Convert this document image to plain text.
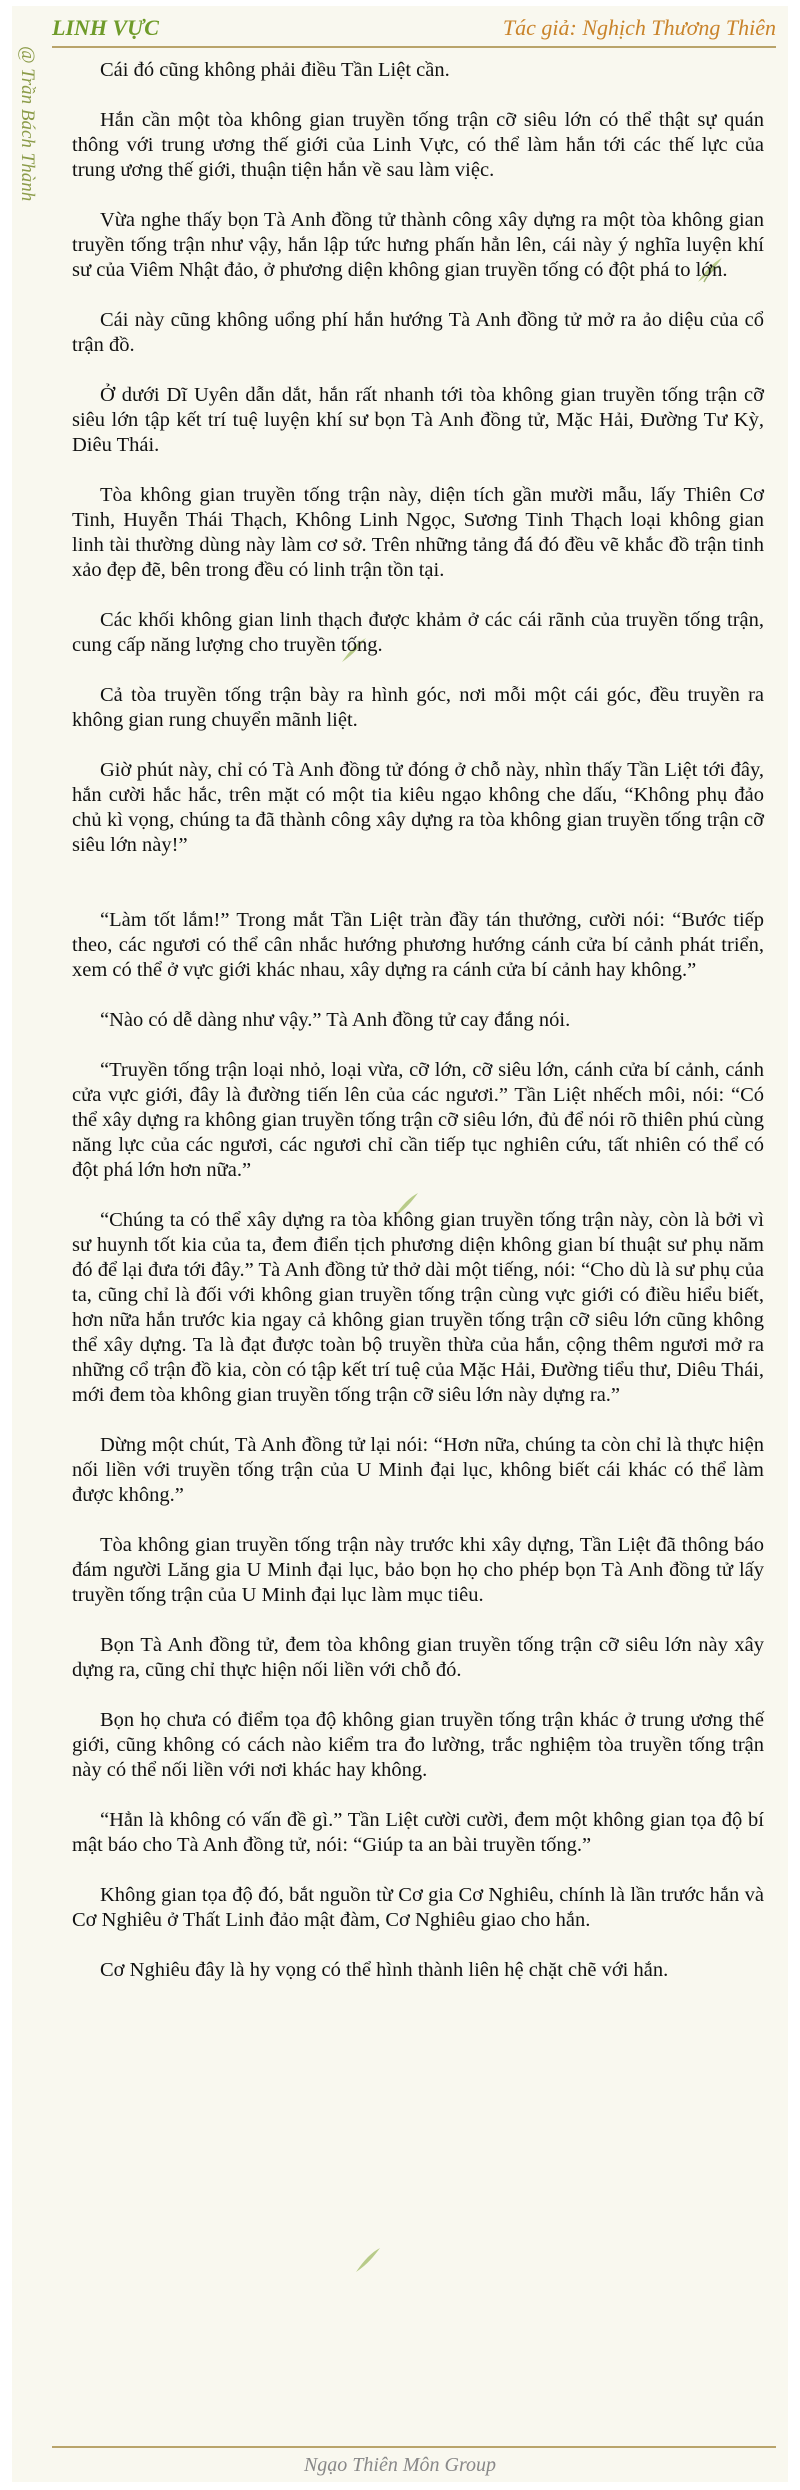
LINH VỰC	Tác giả: Nghịch Thương Thiên
@ Trần Bách Thành	Cái đó cũng không phải điều Tần Liệt cần.

Hắn cần một tòa không gian truyền tống trận cỡ siêu lớn có thể thật sự quán thông với trung ương thế giới của Linh Vực, có thể làm hắn tới các thế lực của trung ương thế giới, thuận tiện hắn về sau làm việc.

Vừa nghe thấy bọn Tà Anh đồng tử thành công xây dựng ra một tòa không gian truyền tống trận như vậy, hắn lập tức hưng phấn hẳn lên, cái này ý nghĩa luyện khí sư của Viêm Nhật đảo, ở phương diện không gian truyền tống có đột phá to lớn.

Cái này cũng không uổng phí hắn hướng Tà Anh đồng tử mở ra ảo diệu của cổ trận đồ.

Ở dưới Dĩ Uyên dẫn dắt, hắn rất nhanh tới tòa không gian truyền tống trận cỡ siêu lớn tập kết trí tuệ luyện khí sư bọn Tà Anh đồng tử, Mặc Hải, Đường Tư Kỳ, Diêu Thái.

Tòa không gian truyền tống trận này, diện tích gần mười mẫu, lấy Thiên Cơ Tinh, Huyễn Thái Thạch, Không Linh Ngọc, Sương Tinh Thạch loại không gian linh tài thường dùng này làm cơ sở. Trên những tảng đá đó đều vẽ khắc đồ trận tinh xảo đẹp đẽ, bên trong đều có linh trận tồn tại.

Các khối không gian linh thạch được khảm ở các cái rãnh của truyền tống trận, cung cấp năng lượng cho truyền tống.

Cả tòa truyền tống trận bày ra hình góc, nơi mỗi một cái góc, đều truyền ra không gian rung chuyển mãnh liệt.

Giờ phút này, chỉ có Tà Anh đồng tử đóng ở chỗ này, nhìn thấy Tần Liệt tới đây, hắn cười hắc hắc, trên mặt có một tia kiêu ngạo không che dấu, “Không phụ đảo chủ kì vọng, chúng ta đã thành công xây dựng ra tòa không gian truyền tống trận cỡ siêu lớn này!”

“Làm tốt lắm!” Trong mắt Tần Liệt tràn đầy tán thưởng, cười nói: “Bước tiếp theo, các ngươi có thể cân nhắc hướng phương hướng cánh cửa bí cảnh phát triển, xem có thể ở vực giới khác nhau, xây dựng ra cánh cửa bí cảnh hay không.”

“Nào có dễ dàng như vậy.” Tà Anh đồng tử cay đắng nói.

“Truyền tống trận loại nhỏ, loại vừa, cỡ lớn, cỡ siêu lớn, cánh cửa bí cảnh, cánh cửa vực giới, đây là đường tiến lên của các ngươi.” Tần Liệt nhếch môi, nói: “Có thể xây dựng ra không gian truyền tống trận cỡ siêu lớn, đủ để nói rõ thiên phú cùng năng lực của các ngươi, các ngươi chỉ cần tiếp tục nghiên cứu, tất nhiên có thể có đột phá lớn hơn nữa.”

“Chúng ta có thể xây dựng ra tòa không gian truyền tống trận này, còn là bởi vì sư huynh tốt kia của ta, đem điển tịch phương diện không gian bí thuật sư phụ năm đó để lại đưa tới đây.” Tà Anh đồng tử thở dài một tiếng, nói: “Cho dù là sư phụ của ta, cũng chỉ là đối với không gian truyền tống trận cùng vực giới có điều hiểu biết, hơn nữa hắn trước kia ngay cả không gian truyền tống trận cỡ siêu lớn cũng không thể xây dựng. Ta là đạt được toàn bộ truyền thừa của hắn, cộng thêm ngươi mở ra những cổ trận đồ kia, còn có tập kết trí tuệ của Mặc Hải, Đường tiểu thư, Diêu Thái, mới đem tòa không gian truyền tống trận cỡ siêu lớn này dựng ra.”

Dừng một chút, Tà Anh đồng tử lại nói: “Hơn nữa, chúng ta còn chỉ là thực hiện nối liền với truyền tống trận của U Minh đại lục, không biết cái khác có thể làm được không.”

Tòa không gian truyền tống trận này trước khi xây dựng, Tần Liệt đã thông báo đám người Lăng gia U Minh đại lục, bảo bọn họ cho phép bọn Tà Anh đồng tử lấy truyền tống trận của U Minh đại lục làm mục tiêu.

Bọn Tà Anh đồng tử, đem tòa không gian truyền tống trận cỡ siêu lớn này xây dựng ra, cũng chỉ thực hiện nối liền với chỗ đó.

Bọn họ chưa có điểm tọa độ không gian truyền tống trận khác ở trung ương thế giới, cũng không có cách nào kiểm tra đo lường, trắc nghiệm tòa truyền tống trận này có thể nối liền với nơi khác hay không.

“Hẳn là không có vấn đề gì.” Tần Liệt cười cười, đem một không gian tọa độ bí mật báo cho Tà Anh đồng tử, nói: “Giúp ta an bài truyền tống.”

Không gian tọa độ đó, bắt nguồn từ Cơ gia Cơ Nghiêu, chính là lần trước hắn và Cơ Nghiêu ở Thất Linh đảo mật đàm, Cơ Nghiêu giao cho hắn.

Cơ Nghiêu đây là hy vọng có thể hình thành liên hệ chặt chẽ với hắn.

Ngạo Thiên Môn Group
